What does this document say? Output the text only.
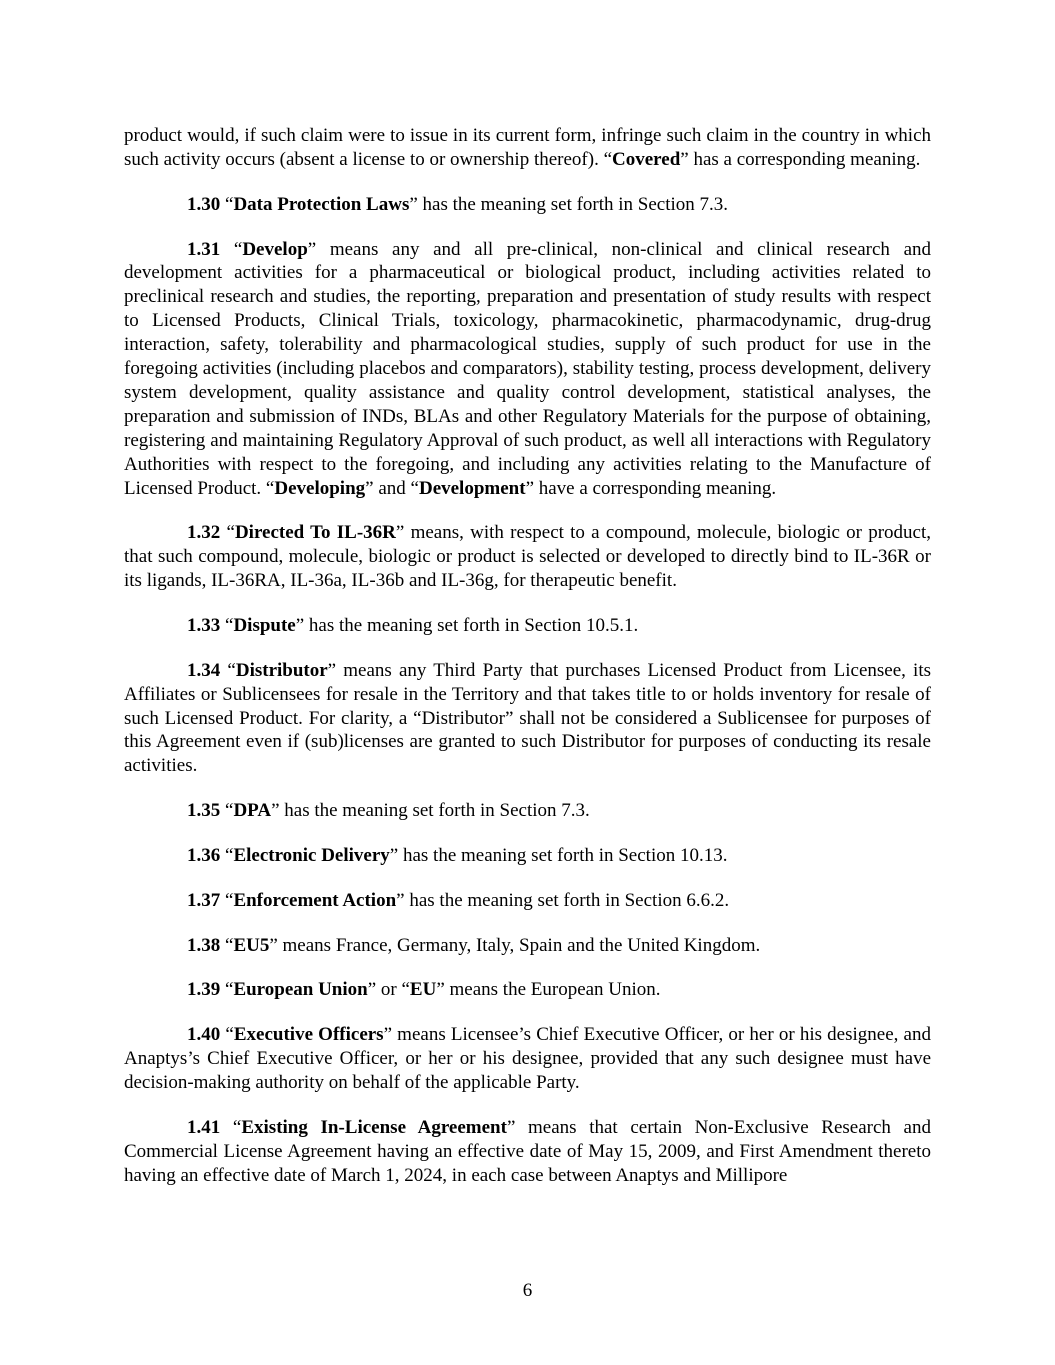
product would, if such claim were to issue in its current form, infringe such claim in the country in which such activity occurs (absent a license to or ownership thereof). “Covered” has a corresponding meaning.

1.30 “Data Protection Laws” has the meaning set forth in Section 7.3.

1.31 “Develop” means any and all pre-clinical, non-clinical and clinical research and development activities for a pharmaceutical or biological product, including activities related to preclinical research and studies, the reporting, preparation and presentation of study results with respect to Licensed Products, Clinical Trials, toxicology, pharmacokinetic, pharmacodynamic, drug-drug interaction, safety, tolerability and pharmacological studies, supply of such product for use in the foregoing activities (including placebos and comparators), stability testing, process development, delivery system development, quality assistance and quality control development, statistical analyses, the preparation and submission of INDs, BLAs and other Regulatory Materials for the purpose of obtaining, registering and maintaining Regulatory Approval of such product, as well all interactions with Regulatory Authorities with respect to the foregoing, and including any activities relating to the Manufacture of Licensed Product. “Developing” and “Development” have a corresponding meaning.

1.32 “Directed To IL-36R” means, with respect to a compound, molecule, biologic or product, that such compound, molecule, biologic or product is selected or developed to directly bind to IL-36R or its ligands, IL-36RA, IL-36a, IL-36b and IL-36g, for therapeutic benefit.

1.33 “Dispute” has the meaning set forth in Section 10.5.1.

1.34 “Distributor” means any Third Party that purchases Licensed Product from Licensee, its Affiliates or Sublicensees for resale in the Territory and that takes title to or holds inventory for resale of such Licensed Product. For clarity, a “Distributor” shall not be considered a Sublicensee for purposes of this Agreement even if (sub)licenses are granted to such Distributor for purposes of conducting its resale activities.

1.35 “DPA” has the meaning set forth in Section 7.3.

1.36 “Electronic Delivery” has the meaning set forth in Section 10.13.

1.37 “Enforcement Action” has the meaning set forth in Section 6.6.2.

1.38 “EU5” means France, Germany, Italy, Spain and the United Kingdom.

1.39 “European Union” or “EU” means the European Union.

1.40 “Executive Officers” means Licensee’s Chief Executive Officer, or her or his designee, and Anaptys’s Chief Executive Officer, or her or his designee, provided that any such designee must have decision-making authority on behalf of the applicable Party.

1.41 “Existing In-License Agreement” means that certain Non-Exclusive Research and Commercial License Agreement having an effective date of May 15, 2009, and First Amendment thereto having an effective date of March 1, 2024, in each case between Anaptys and Millipore

6
